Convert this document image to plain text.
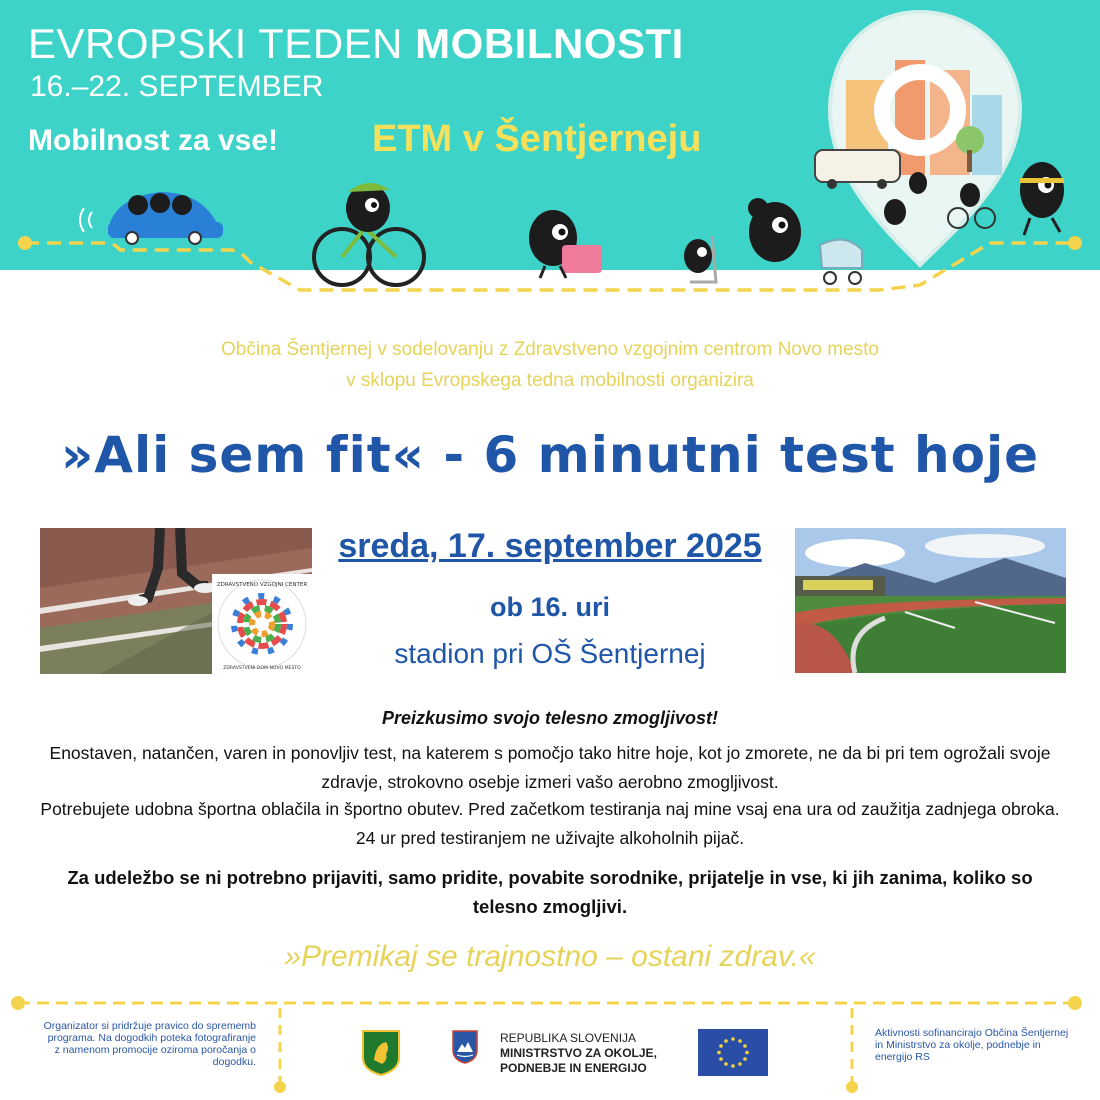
EVROPSKI TEDEN MOBILNOSTI
16.–22. SEPTEMBER
Mobilnost za vse! ETM v Šentjerneju
Občina Šentjernej v sodelovanju z Zdravstveno vzgojnim centrom Novo mesto
v sklopu Evropskega tedna mobilnosti organizira
»Ali sem fit« - 6 minutni test hoje
ZDRAVSTVENO VZGOJNI CENTER
ZDRAVSTVENI DOM NOVO MESTO
sreda, 17. september 2025
ob 16. uri
stadion pri OŠ Šentjernej
Preizkusimo svojo telesno zmogljivost!
Enostaven, natančen, varen in ponovljiv test, na katerem s pomočjo tako hitre hoje, kot jo zmorete, ne da bi pri tem ogrožali svoje zdravje, strokovno osebje izmeri vašo aerobno zmogljivost.
Potrebujete udobna športna oblačila in športno obutev. Pred začetkom testiranja naj mine vsaj ena ura od zaužitja zadnjega obroka. 24 ur pred testiranjem ne uživajte alkoholnih pijač.
Za udeležbo se ni potrebno prijaviti, samo pridite, povabite sorodnike, prijatelje in vse, ki jih zanima, koliko so telesno zmogljivi.
»Premikaj se trajnostno – ostani zdrav.«
Organizator si pridržuje pravico do sprememb programa. Na dogodkih poteka fotografiranje z namenom promocije oziroma poročanja o dogodku.
REPUBLIKA SLOVENIJA
MINISTRSTVO ZA OKOLJE,
PODNEBJE IN ENERGIJO
Aktivnosti sofinancirajo Občina Šentjernej in Ministrstvo za okolje, podnebje in energijo RS
